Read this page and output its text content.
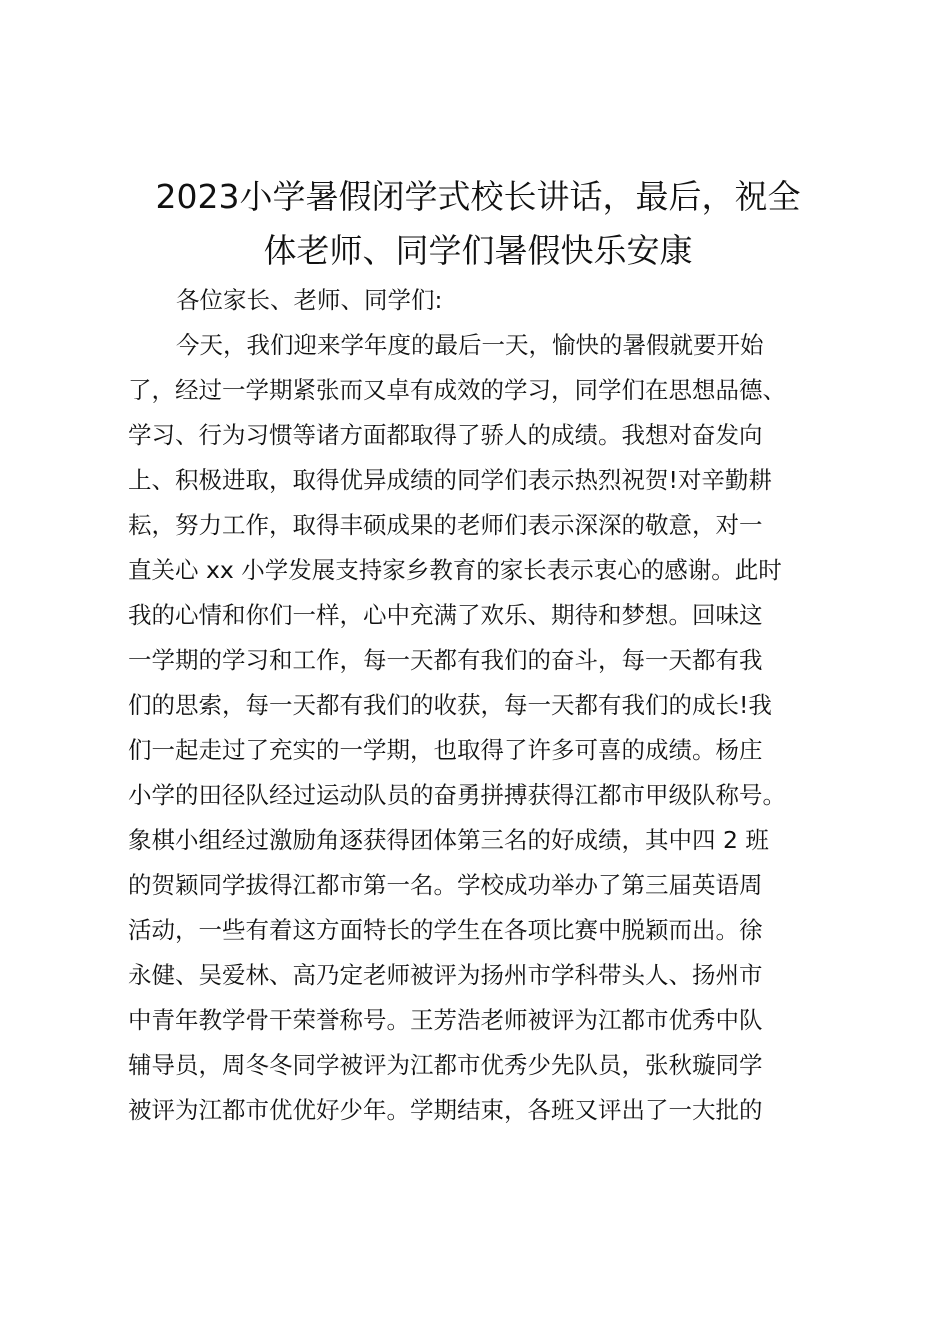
2023小学暑假闭学式校长讲话，最后，祝全
体老师、同学们暑假快乐安康
各位家长、老师、同学们:
今天，我们迎来学年度的最后一天，愉快的暑假就要开始
了，经过一学期紧张而又卓有成效的学习，同学们在思想品德、
学习、行为习惯等诸方面都取得了骄人的成绩。我想对奋发向
上、积极进取，取得优异成绩的同学们表示热烈祝贺!对辛勤耕
耘，努力工作，取得丰硕成果的老师们表示深深的敬意，对一
直关心 xx 小学发展支持家乡教育的家长表示衷心的感谢。此时
我的心情和你们一样，心中充满了欢乐、期待和梦想。回味这
一学期的学习和工作，每一天都有我们的奋斗，每一天都有我
们的思索，每一天都有我们的收获，每一天都有我们的成长!我
们一起走过了充实的一学期，也取得了许多可喜的成绩。杨庄
小学的田径队经过运动队员的奋勇拼搏获得江都市甲级队称号。
象棋小组经过激励角逐获得团体第三名的好成绩，其中四 2 班
的贺颖同学拔得江都市第一名。学校成功举办了第三届英语周
活动，一些有着这方面特长的学生在各项比赛中脱颖而出。徐
永健、吴爱林、高乃定老师被评为扬州市学科带头人、扬州市
中青年教学骨干荣誉称号。王芳浩老师被评为江都市优秀中队
辅导员，周冬冬同学被评为江都市优秀少先队员，张秋璇同学
被评为江都市优优好少年。学期结束，各班又评出了一大批的
